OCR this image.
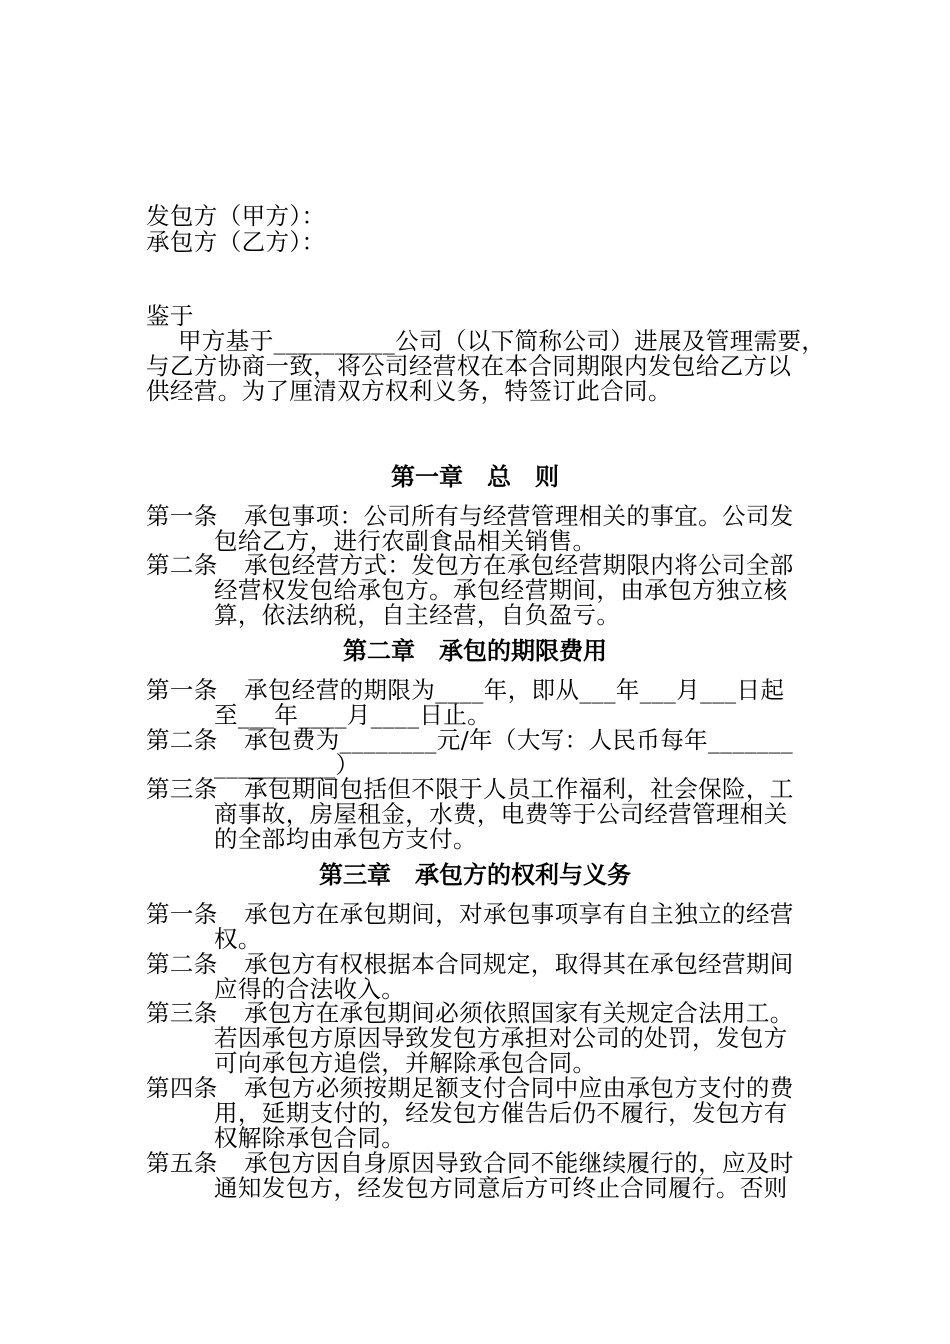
发包方（甲方）：
承包方（乙方）：
鉴于
甲方基于__________公司（以下简称公司）进展及管理需要，
与乙方协商一致，将公司经营权在本合同期限内发包给乙方以
供经营。为了厘清双方权利义务，特签订此合同。
第一章　总　则
第一条 承包事项：公司所有与经营管理相关的事宜。公司发
包给乙方，进行农副食品相关销售。
第二条 承包经营方式：发包方在承包经营期限内将公司全部
经营权发包给承包方。承包经营期间，由承包方独立核
算，依法纳税，自主经营，自负盈亏。
第二章　承包的期限费用
第一条 承包经营的期限为____年，即从___年___月___日起
至___年____月____日止。
第二条 承包费为________元/年（大写：人民币每年_______
__________）
第三条 承包期间包括但不限于人员工作福利，社会保险，工
商事故，房屋租金，水费，电费等于公司经营管理相关
的全部均由承包方支付。
第三章　承包方的权利与义务
第一条 承包方在承包期间，对承包事项享有自主独立的经营
权。
第二条 承包方有权根据本合同规定，取得其在承包经营期间
应得的合法收入。
第三条 承包方在承包期间必须依照国家有关规定合法用工。
若因承包方原因导致发包方承担对公司的处罚，发包方
可向承包方追偿，并解除承包合同。
第四条 承包方必须按期足额支付合同中应由承包方支付的费
用，延期支付的，经发包方催告后仍不履行，发包方有
权解除承包合同。
第五条 承包方因自身原因导致合同不能继续履行的，应及时
通知发包方，经发包方同意后方可终止合同履行。否则
